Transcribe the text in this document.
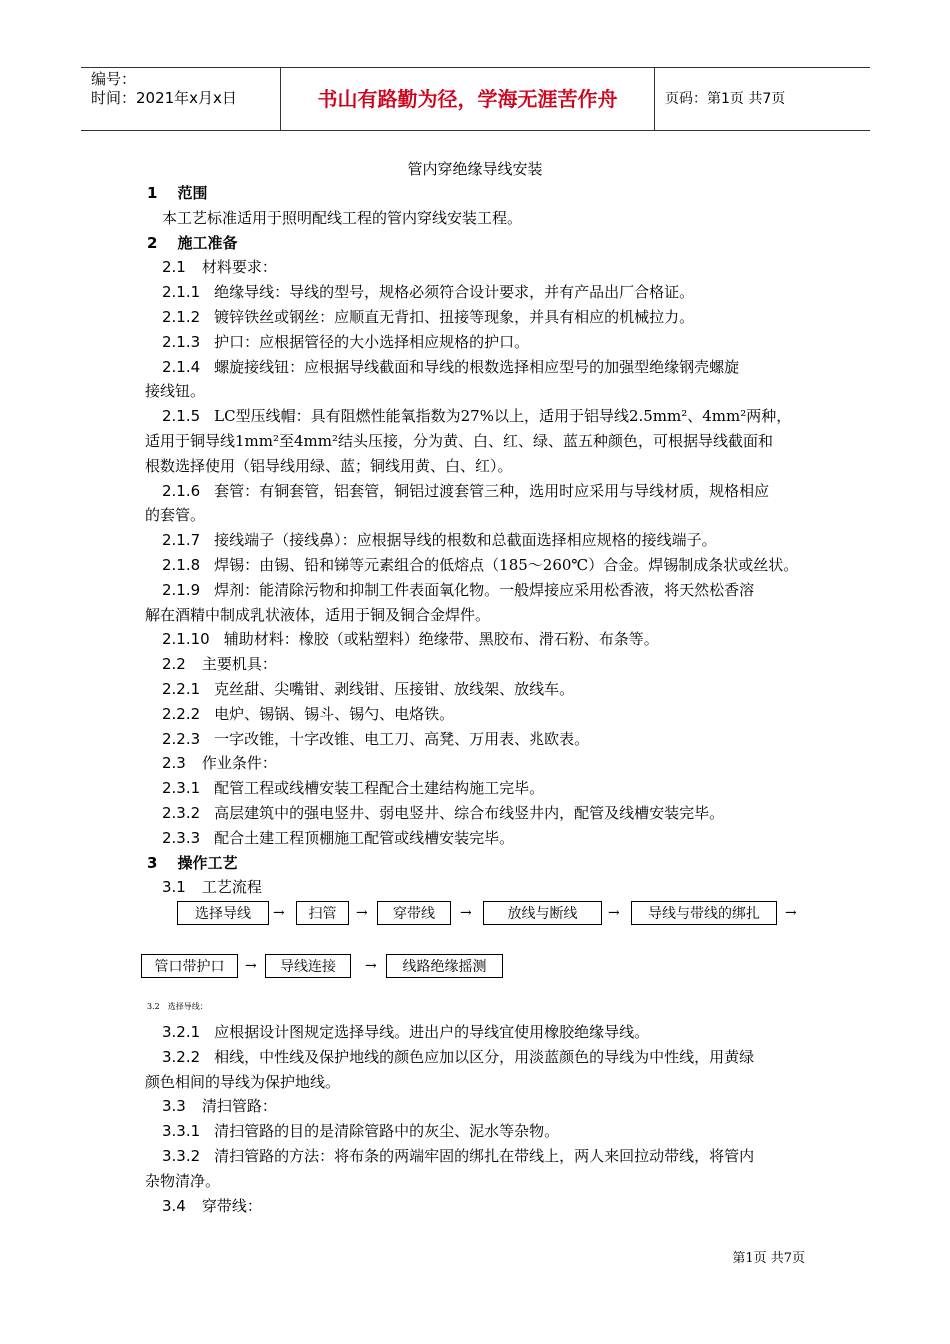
编号：
时间：2021年x月x日	书山有路勤为径，学海无涯苦作舟	页码：第1页 共7页
管内穿绝缘导线安装
1 范围
本工艺标准适用于照明配线工程的管内穿线安装工程。
2 施工准备
2.1 材料要求：
2.1.1 绝缘导线：导线的型号，规格必须符合设计要求，并有产品出厂合格证。
2.1.2 镀锌铁丝或钢丝：应顺直无背扣、扭接等现象，并具有相应的机械拉力。
2.1.3 护口：应根据管径的大小选择相应规格的护口。
2.1.4 螺旋接线钮：应根据导线截面和导线的根数选择相应型号的加强型绝缘钢壳螺旋
接线钮。
2.1.5 LC型压线帽：具有阻燃性能氧指数为27%以上，适用于铝导线2.5mm²、4mm²两种，
适用于铜导线1mm²至4mm²结头压接，分为黄、白、红、绿、蓝五种颜色，可根据导线截面和
根数选择使用（铝导线用绿、蓝；铜线用黄、白、红）。
2.1.6 套管：有铜套管，铝套管，铜铝过渡套管三种，选用时应采用与导线材质，规格相应
的套管。
2.1.7 接线端子（接线鼻）：应根据导线的根数和总截面选择相应规格的接线端子。
2.1.8 焊锡：由锡、铅和锑等元素组合的低熔点（185～260℃）合金。焊锡制成条状或丝状。
2.1.9 焊剂：能清除污物和抑制工件表面氧化物。一般焊接应采用松香液，将天然松香溶
解在酒精中制成乳状液体，适用于铜及铜合金焊件。
2.1.10 辅助材料：橡胶（或粘塑料）绝缘带、黑胶布、滑石粉、布条等。
2.2 主要机具：
2.2.1 克丝甜、尖嘴钳、剥线钳、压接钳、放线架、放线车。
2.2.2 电炉、锡锅、锡斗、锡勺、电烙铁。
2.2.3 一字改锥，十字改锥、电工刀、高凳、万用表、兆欧表。
2.3 作业条件：
2.3.1 配管工程或线槽安装工程配合土建结构施工完毕。
2.3.2 高层建筑中的强电竖井、弱电竖井、综合布线竖井内，配管及线槽安装完毕。
2.3.3 配合土建工程顶棚施工配管或线槽安装完毕。
3 操作工艺
3.1 工艺流程
选择导线	扫管	穿带线	放线与断线	导线与带线的绑扎
→	→	→	→	→
管口带护口	导线连接	线路绝缘摇测
→	→
3.2　选择导线：
3.2.1 应根据设计图规定选择导线。进出户的导线宜使用橡胶绝缘导线。
3.2.2 相线，中性线及保护地线的颜色应加以区分，用淡蓝颜色的导线为中性线，用黄绿
颜色相间的导线为保护地线。
3.3 清扫管路：
3.3.1 清扫管路的目的是清除管路中的灰尘、泥水等杂物。
3.3.2 清扫管路的方法：将布条的两端牢固的绑扎在带线上，两人来回拉动带线，将管内
杂物清净。
3.4 穿带线：
第1页 共7页
